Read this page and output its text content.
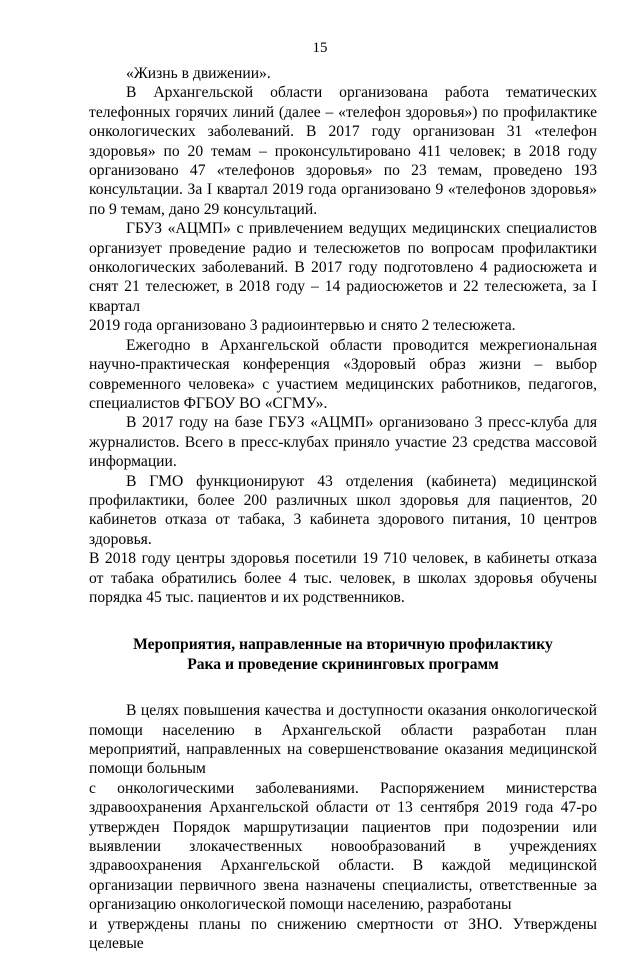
15

«Жизнь в движении».

В Архангельской области организована работа тематических телефонных горячих линий (далее – «телефон здоровья») по профилактике онкологических заболеваний. В 2017 году организован 31 «телефон здоровья» по 20 темам – проконсультировано 411 человек; в 2018 году организовано 47 «телефонов здоровья» по 23 темам, проведено 193 консультации. За I квартал 2019 года организовано 9 «телефонов здоровья» по 9 темам, дано 29 консультаций.

ГБУЗ «АЦМП» с привлечением ведущих медицинских специалистов организует проведение радио и телесюжетов по вопросам профилактики онкологических заболеваний. В 2017 году подготовлено 4 радиосюжета и снят 21 телесюжет, в 2018 году – 14 радиосюжетов и 22 телесюжета, за I квартал

2019 года организовано 3 радиоинтервью и снято 2 телесюжета.

Ежегодно в Архангельской области проводится межрегиональная научно-практическая конференция «Здоровый образ жизни – выбор современного человека» с участием медицинских работников, педагогов, специалистов ФГБОУ ВО «СГМУ».

В 2017 году на базе ГБУЗ «АЦМП» организовано 3 пресс-клуба для журналистов. Всего в пресс-клубах приняло участие 23 средства массовой информации.

В ГМО функционируют 43 отделения (кабинета) медицинской профилактики, более 200 различных школ здоровья для пациентов, 20 кабинетов отказа от табака, 3 кабинета здорового питания, 10 центров здоровья.

В 2018 году центры здоровья посетили 19 710 человек, в кабинеты отказа от табака обратились более 4 тыс. человек, в школах здоровья обучены порядка 45 тыс. пациентов и их родственников.

Мероприятия, направленные на вторичную профилактику
Рака и проведение скрининговых программ

В целях повышения качества и доступности оказания онкологической помощи населению в Архангельской области разработан план мероприятий, направленных на совершенствование оказания медицинской помощи больным

с онкологическими заболеваниями. Распоряжением министерства здравоохранения Архангельской области от 13 сентября 2019 года 47-ро утвержден Порядок маршрутизации пациентов при подозрении или выявлении злокачественных новообразований в учреждениях здравоохранения Архангельской области. В каждой медицинской организации первичного звена назначены специалисты, ответственные за организацию онкологической помощи населению, разработаны

и утверждены планы по снижению смертности от ЗНО. Утверждены целевые
